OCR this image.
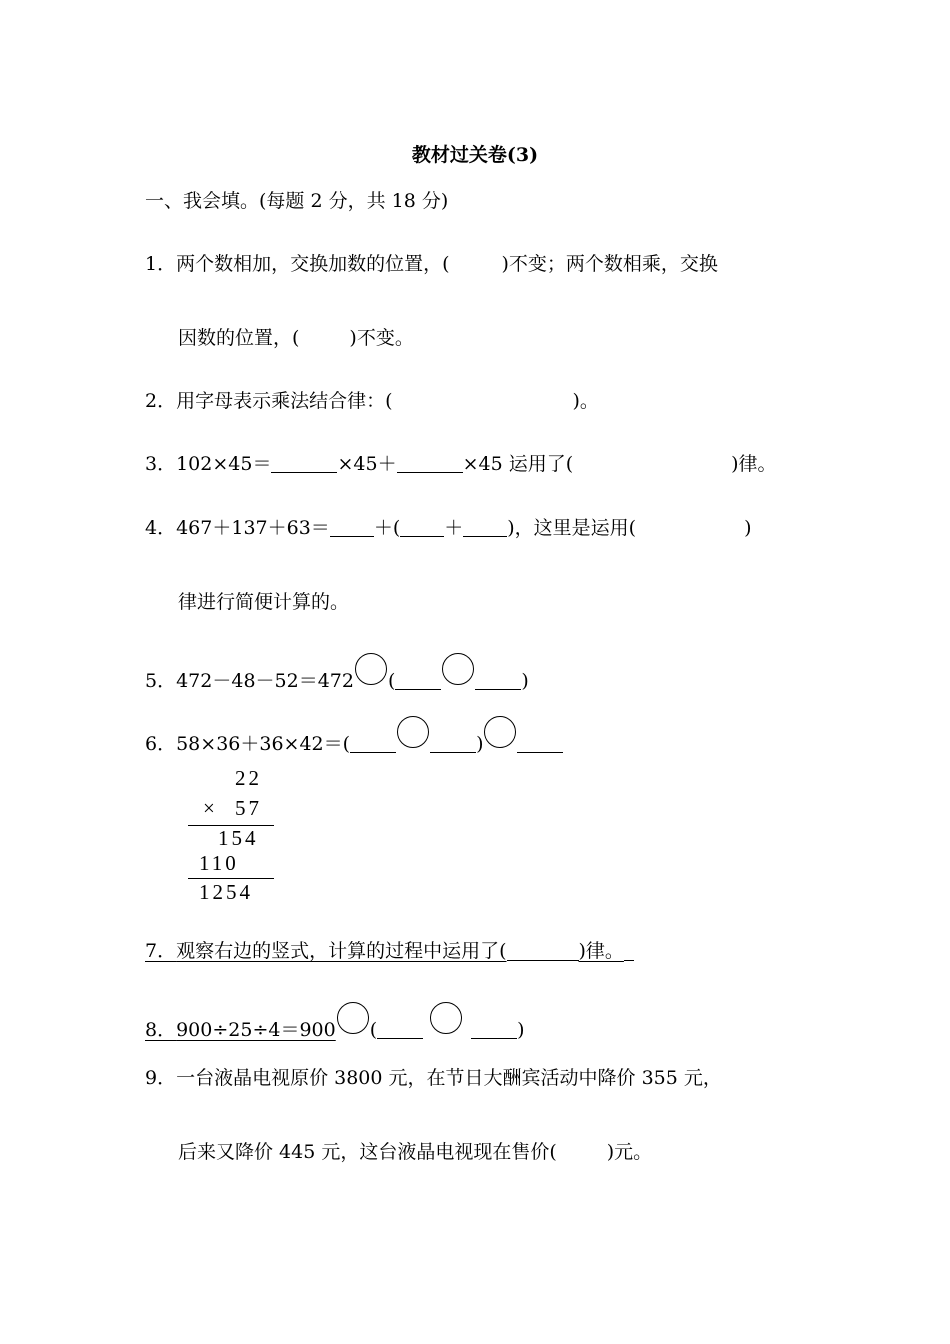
教材过关卷(3)
一、我会填。(每题 2 分，共 18 分)
1．两个数相加，交换加数的位置，(	)不变；两个数相乘，交换
因数的位置，(	)不变。
2．用字母表示乘法结合律：(	)。
3．102×45＝	×45＋	×45 运用了(	)律。
4．467＋137＋63＝ ＋( ＋ )，这里是运用(	)
律进行简便计算的。
5．472－48－52＝472 (	)
6．58×36＋36×42＝(	)
22
× 57
154
110
1254
7．观察右边的竖式，计算的过程中运用了(	)律。
8．900÷25÷4＝900 (	)
9．一台液晶电视原价 3800 元，在节日大酬宾活动中降价 355 元，
后来又降价 445 元，这台液晶电视现在售价(	)元。
